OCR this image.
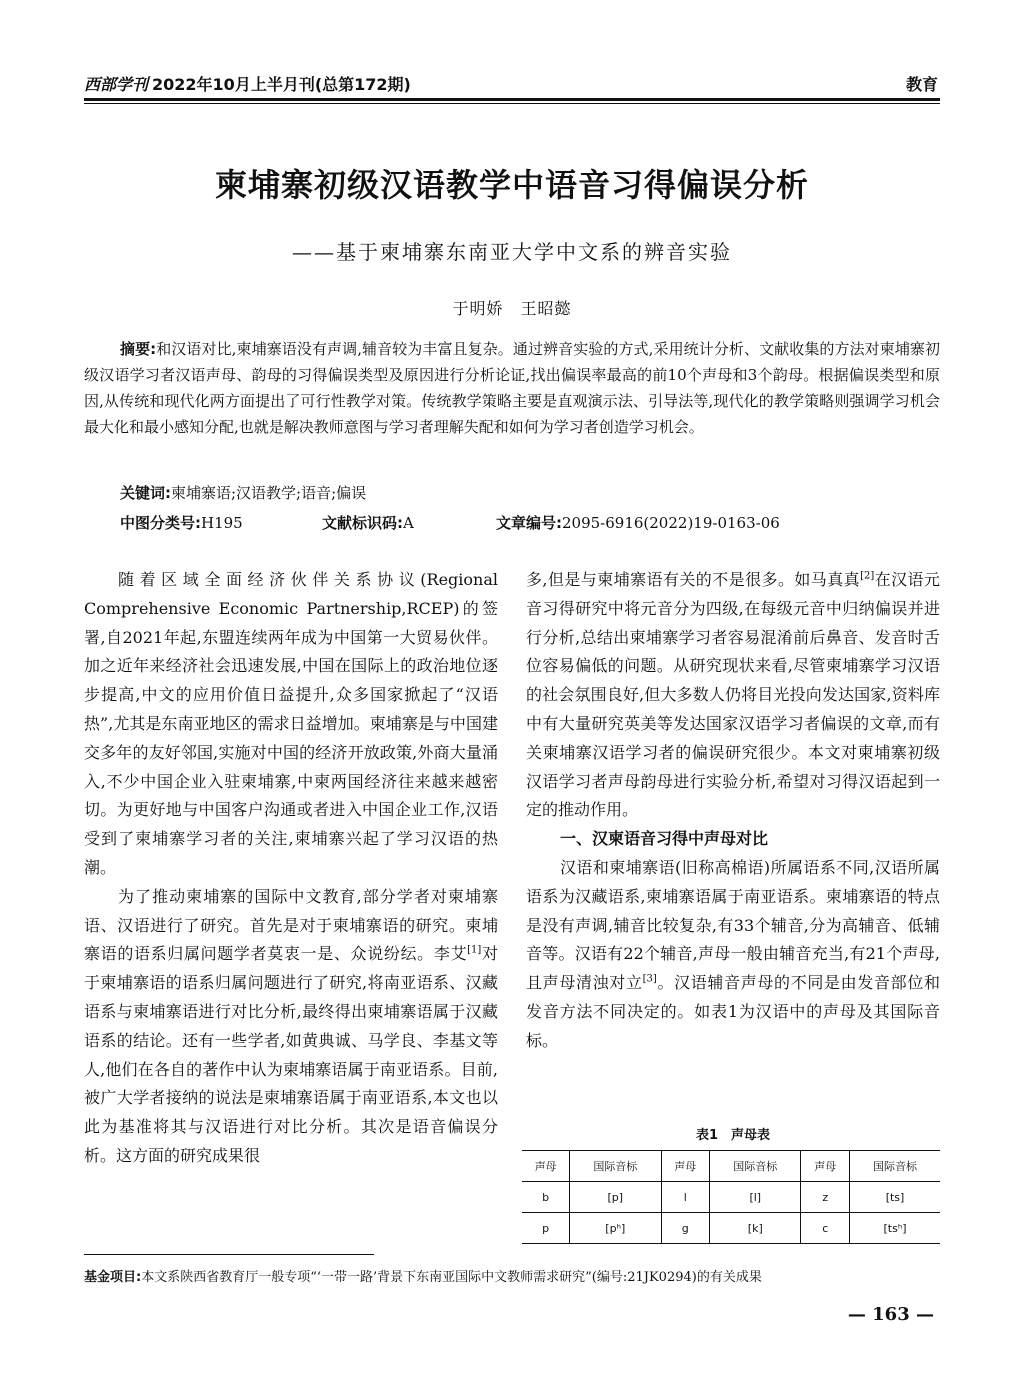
西部学刊 2022年10月上半月刊(总第172期)	教育
柬埔寨初级汉语教学中语音习得偏误分析
——基于柬埔寨东南亚大学中文系的辨音实验
于明娇　王昭懿

摘要:和汉语对比,柬埔寨语没有声调,辅音较为丰富且复杂。通过辨音实验的方式,采用统计分析、文献收集的方法对柬埔寨初级汉语学习者汉语声母、韵母的习得偏误类型及原因进行分析论证,找出偏误率最高的前10个声母和3个韵母。根据偏误类型和原因,从传统和现代化两方面提出了可行性教学对策。传统教学策略主要是直观演示法、引导法等,现代化的教学策略则强调学习机会最大化和最小感知分配,也就是解决教师意图与学习者理解失配和如何为学习者创造学习机会。

关键词:柬埔寨语;汉语教学;语音;偏误
中图分类号:H195	文献标识码:A	文章编号:2095-6916(2022)19-0163-06

随着区域全面经济伙伴关系协议(Regional Comprehensive Economic Partnership,RCEP)的签署,自2021年起,东盟连续两年成为中国第一大贸易伙伴。加之近年来经济社会迅速发展,中国在国际上的政治地位逐步提高,中文的应用价值日益提升,众多国家掀起了“汉语热”,尤其是东南亚地区的需求日益增加。柬埔寨是与中国建交多年的友好邻国,实施对中国的经济开放政策,外商大量涌入,不少中国企业入驻柬埔寨,中柬两国经济往来越来越密切。为更好地与中国客户沟通或者进入中国企业工作,汉语受到了柬埔寨学习者的关注,柬埔寨兴起了学习汉语的热潮。

为了推动柬埔寨的国际中文教育,部分学者对柬埔寨语、汉语进行了研究。首先是对于柬埔寨语的研究。柬埔寨语的语系归属问题学者莫衷一是、众说纷纭。李艾[1]对于柬埔寨语的语系归属问题进行了研究,将南亚语系、汉藏语系与柬埔寨语进行对比分析,最终得出柬埔寨语属于汉藏语系的结论。还有一些学者,如黄典诚、马学良、李基文等人,他们在各自的著作中认为柬埔寨语属于南亚语系。目前,被广大学者接纳的说法是柬埔寨语属于南亚语系,本文也以此为基准将其与汉语进行对比分析。其次是语音偏误分析。这方面的研究成果很

多,但是与柬埔寨语有关的不是很多。如马真真[2]在汉语元音习得研究中将元音分为四级,在每级元音中归纳偏误并进行分析,总结出柬埔寨学习者容易混淆前后鼻音、发音时舌位容易偏低的问题。从研究现状来看,尽管柬埔寨学习汉语的社会氛围良好,但大多数人仍将目光投向发达国家,资料库中有大量研究英美等发达国家汉语学习者偏误的文章,而有关柬埔寨汉语学习者的偏误研究很少。本文对柬埔寨初级汉语学习者声母韵母进行实验分析,希望对习得汉语起到一定的推动作用。

一、汉柬语音习得中声母对比

汉语和柬埔寨语(旧称高棉语)所属语系不同,汉语所属语系为汉藏语系,柬埔寨语属于南亚语系。柬埔寨语的特点是没有声调,辅音比较复杂,有33个辅音,分为高辅音、低辅音等。汉语有22个辅音,声母一般由辅音充当,有21个声母,且声母清浊对立[3]。汉语辅音声母的不同是由发音部位和发音方法不同决定的。如表1为汉语中的声母及其国际音标。

表1　声母表
声母	国际音标	声母	国际音标	声母	国际音标
b	[p]	l	[l]	z	[ts]
p	[pʰ]	g	[k]	c	[tsʰ]
基金项目:本文系陕西省教育厅一般专项“‘一带一路’背景下东南亚国际中文教师需求研究”(编号:21JK0294)的有关成果
— 163 —
